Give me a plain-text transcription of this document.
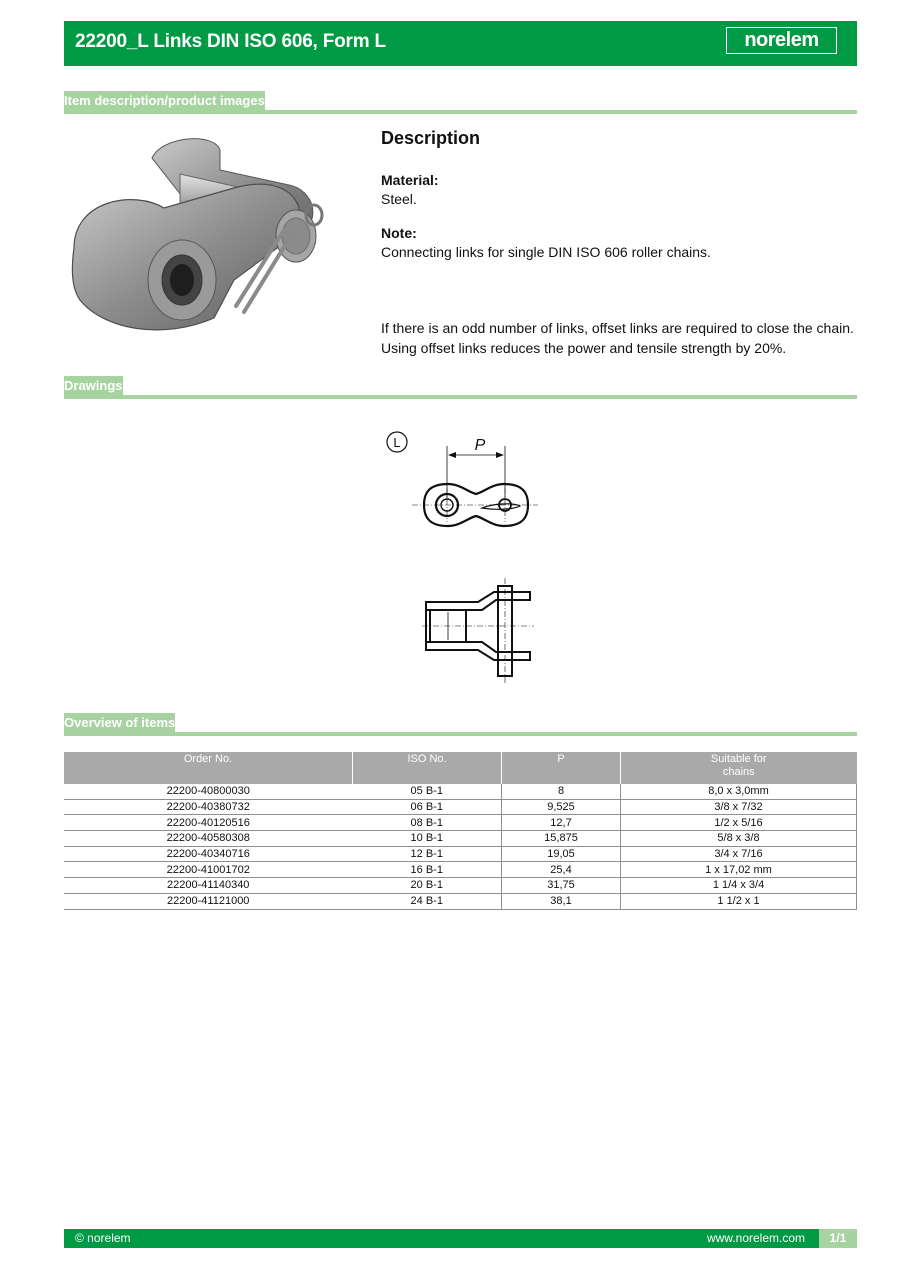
22200_L Links DIN ISO 606, Form L	norelem
Item description/product images
Description
Material:
Steel.
Note:
Connecting links for single DIN ISO 606 roller chains.
If there is an odd number of links, offset links are required to close the chain. Using offset links reduces the power and tensile strength by 20%.
Drawings
L	P
Overview of items
Order No.	ISO No.	P	Suitable for chains
22200-40800030	05 B-1	8	8,0 x 3,0mm
22200-40380732	06 B-1	9,525	3/8 x 7/32
22200-40120516	08 B-1	12,7	1/2 x 5/16
22200-40580308	10 B-1	15,875	5/8 x 3/8
22200-40340716	12 B-1	19,05	3/4 x 7/16
22200-41001702	16 B-1	25,4	1 x 17,02 mm
22200-41140340	20 B-1	31,75	1 1/4 x 3/4
22200-41121000	24 B-1	38,1	1 1/2 x 1
© norelem	www.norelem.com	1/1
